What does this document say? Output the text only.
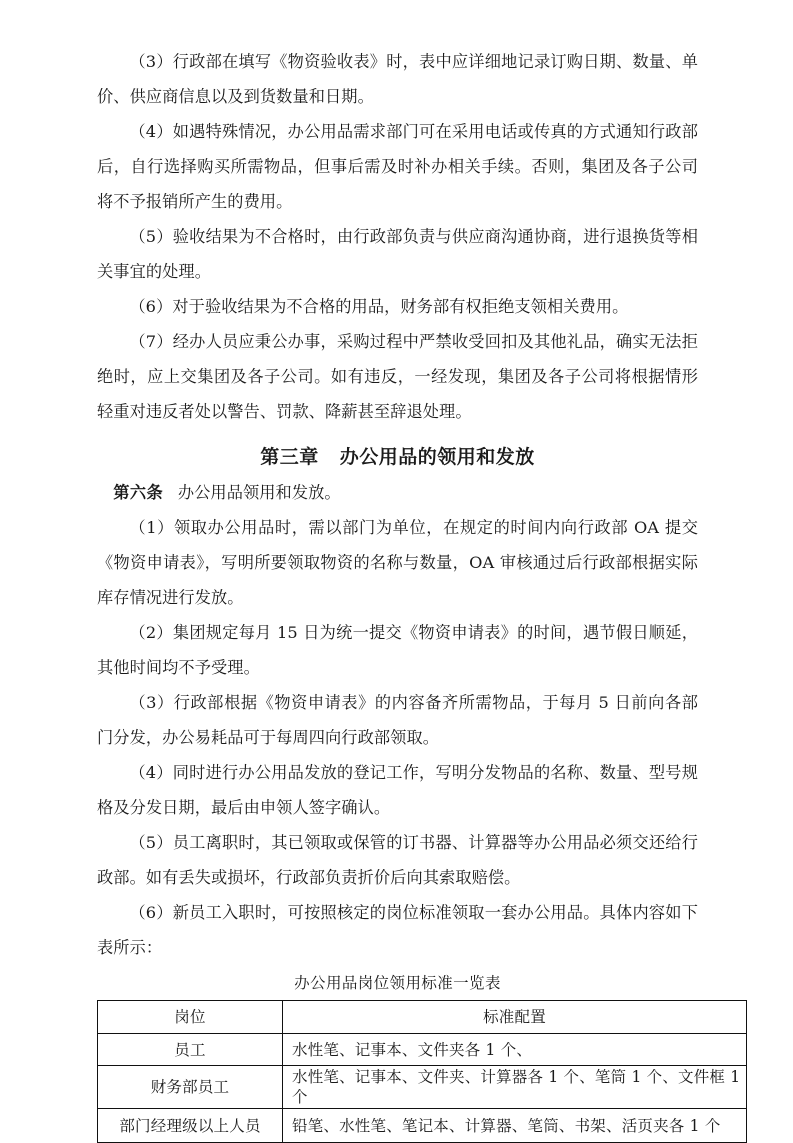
（3）行政部在填写《物资验收表》时，表中应详细地记录订购日期、数量、单价、供应商信息以及到货数量和日期。

（4）如遇特殊情况，办公用品需求部门可在采用电话或传真的方式通知行政部后，自行选择购买所需物品，但事后需及时补办相关手续。否则，集团及各子公司将不予报销所产生的费用。

（5）验收结果为不合格时，由行政部负责与供应商沟通协商，进行退换货等相关事宜的处理。

（6）对于验收结果为不合格的用品，财务部有权拒绝支领相关费用。

（7）经办人员应秉公办事，采购过程中严禁收受回扣及其他礼品，确实无法拒绝时，应上交集团及各子公司。如有违反，一经发现，集团及各子公司将根据情形轻重对违反者处以警告、罚款、降薪甚至辞退处理。

第三章 办公用品的领用和发放

第六条 办公用品领用和发放。

（1）领取办公用品时，需以部门为单位，在规定的时间内向行政部 OA 提交《物资申请表》，写明所要领取物资的名称与数量，OA 审核通过后行政部根据实际库存情况进行发放。

（2）集团规定每月 15 日为统一提交《物资申请表》的时间，遇节假日顺延，其他时间均不予受理。

（3）行政部根据《物资申请表》的内容备齐所需物品，于每月 5 日前向各部门分发，办公易耗品可于每周四向行政部领取。

（4）同时进行办公用品发放的登记工作，写明分发物品的名称、数量、型号规格及分发日期，最后由申领人签字确认。

（5）员工离职时，其已领取或保管的订书器、计算器等办公用品必须交还给行政部。如有丢失或损坏，行政部负责折价后向其索取赔偿。

（6）新员工入职时，可按照核定的岗位标准领取一套办公用品。具体内容如下表所示：

办公用品岗位领用标准一览表

岗位	标准配置
员工	水性笔、记事本、文件夹各 1 个、
财务部员工	水性笔、记事本、文件夹、计算器各 1 个、笔筒 1 个、文件框 1 个
部门经理级以上人员	铅笔、水性笔、笔记本、计算器、笔筒、书架、活页夹各 1 个
